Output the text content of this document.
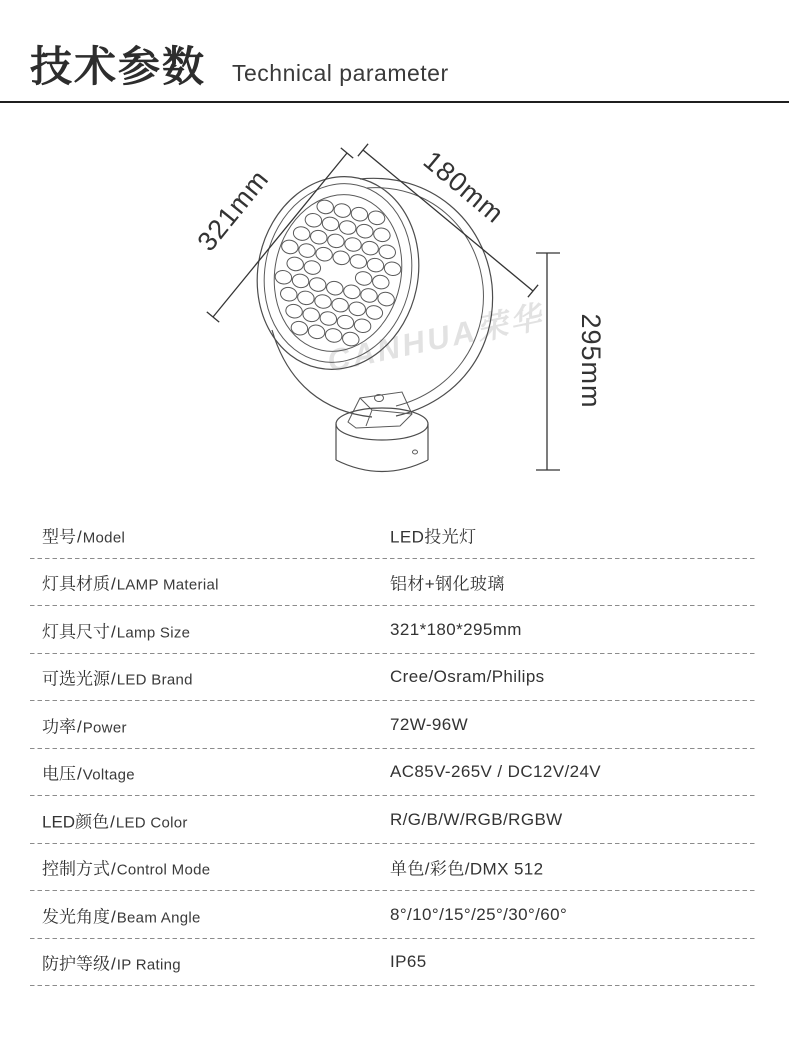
技术参数 Technical parameter
CANHUA荣华
321mm	180mm
295mm
型号/Model	LED投光灯
灯具材质/LAMP Material	铝材+钢化玻璃
灯具尺寸/Lamp Size	321*180*295mm
可选光源/LED Brand	Cree/Osram/Philips
功率/Power	72W-96W
电压/Voltage	AC85V-265V / DC12V/24V
LED颜色/LED Color	R/G/B/W/RGB/RGBW
控制方式/Control Mode	单色/彩色/DMX 512
发光角度/Beam Angle	8°/10°/15°/25°/30°/60°
防护等级/IP Rating	IP65
